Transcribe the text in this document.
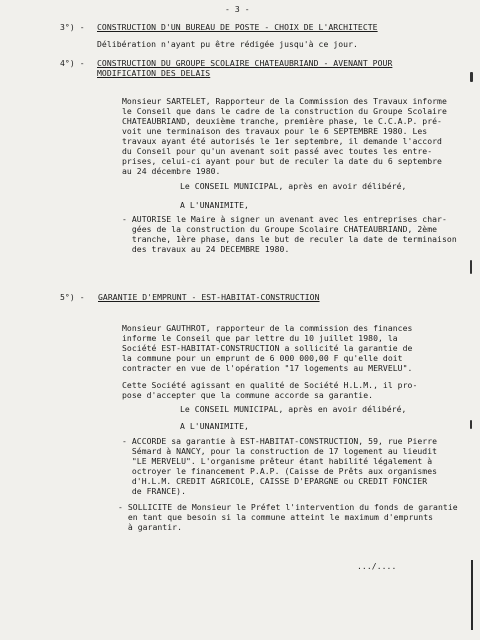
- 3 -
3°) - CONSTRUCTION D'UN BUREAU DE POSTE - CHOIX DE L'ARCHITECTE
Délibération n'ayant pu être rédigée jusqu'à ce jour.
4°) - CONSTRUCTION DU GROUPE SCOLAIRE CHATEAUBRIAND - AVENANT POUR
MODIFICATION DES DELAIS
Monsieur SARTELET, Rapporteur de la Commission des Travaux informe
le Conseil que dans le cadre de la construction du Groupe Scolaire
CHATEAUBRIAND, deuxième tranche, première phase, le C.C.A.P. pré-
voit une terminaison des travaux pour le 6 SEPTEMBRE 1980. Les
travaux ayant été autorisés le 1er septembre, il demande l'accord
du Conseil pour qu'un avenant soit passé avec toutes les entre-
prises, celui-ci ayant pour but de reculer la date du 6 septembre
au 24 décembre 1980.
Le CONSEIL MUNICIPAL, après en avoir délibéré,
A L'UNANIMITE,
- AUTORISE le Maire à signer un avenant avec les entreprises char-
gées de la construction du Groupe Scolaire CHATEAUBRIAND, 2ème
tranche, 1ère phase, dans le but de reculer la date de terminaison
des travaux au 24 DECEMBRE 1980.
5°) - GARANTIE D'EMPRUNT - EST-HABITAT-CONSTRUCTION
Monsieur GAUTHROT, rapporteur de la commission des finances
informe le Conseil que par lettre du 10 juillet 1980, la
Société EST-HABITAT-CONSTRUCTION a sollicité la garantie de
la commune pour un emprunt de 6 000 000,00 F qu'elle doit
contracter en vue de l'opération "17 logements au MERVELU".
Cette Société agissant en qualité de Société H.L.M., il pro-
pose d'accepter que la commune accorde sa garantie.
Le CONSEIL MUNICIPAL, après en avoir délibéré,
A L'UNANIMITE,
- ACCORDE sa garantie à EST-HABITAT-CONSTRUCTION, 59, rue Pierre
Sémard à NANCY, pour la construction de 17 logement au lieudit
"LE MERVELU". L'organisme prêteur étant habilité légalement à
octroyer le financement P.A.P. (Caisse de Prêts aux organismes
d'H.L.M. CREDIT AGRICOLE, CAISSE D'EPARGNE ou CREDIT FONCIER
de FRANCE).
- SOLLICITE de Monsieur le Préfet l'intervention du fonds de garantie
en tant que besoin si la commune atteint le maximum d'emprunts
à garantir.
.../....
